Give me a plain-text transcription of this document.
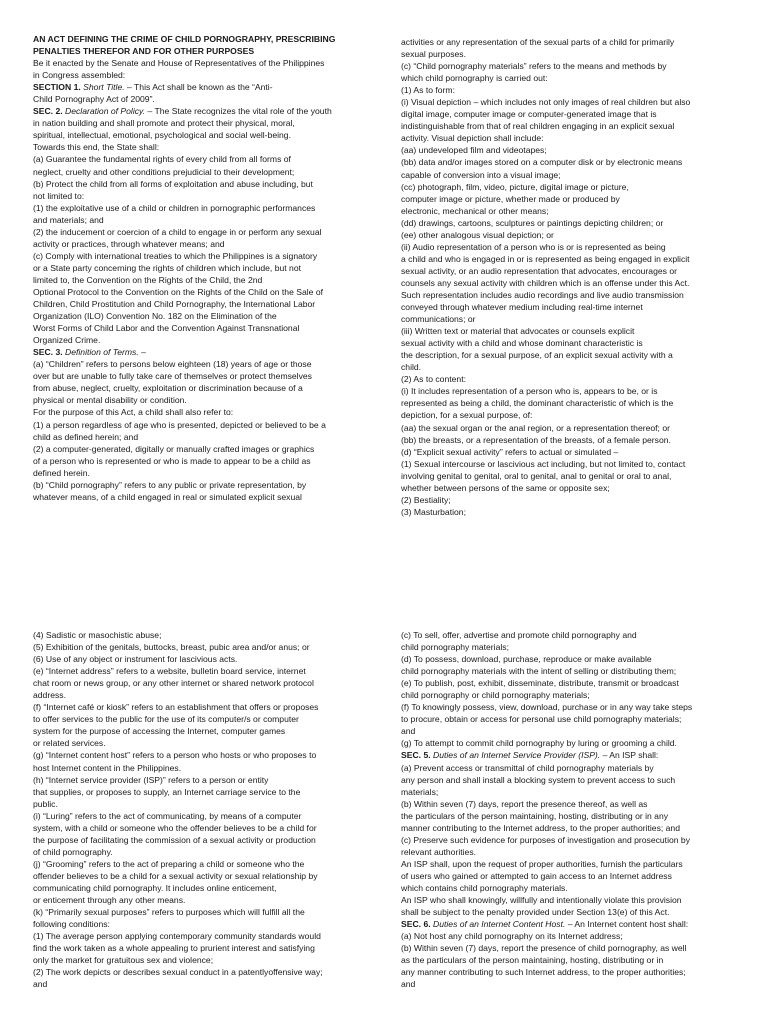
AN ACT DEFINING THE CRIME OF CHILD PORNOGRAPHY, PRESCRIBING
PENALTIES THEREFOR AND FOR OTHER PURPOSES
Be it enacted by the Senate and House of Representatives of the Philippines
in Congress assembled:
SECTION 1. Short Title. – This Act shall be known as the “Anti-
Child Pornography Act of 2009”.
SEC. 2. Declaration of Policy. – The State recognizes the vital role of the youth
in nation building and shall promote and protect their physical, moral,
spiritual, intellectual, emotional, psychological and social well-being.
Towards this end, the State shall:
(a) Guarantee the fundamental rights of every child from all forms of
neglect, cruelty and other conditions prejudicial to their development;
(b) Protect the child from all forms of exploitation and abuse including, but
not limited to:
(1) the exploitative use of a child or children in pornographic performances
and materials; and
(2) the inducement or coercion of a child to engage in or perform any sexual
activity or practices, through whatever means; and
(c) Comply with international treaties to which the Philippines is a signatory
or a State party concerning the rights of children which include, but not
limited to, the Convention on the Rights of the Child, the 2nd
Optional Protocol to the Convention on the Rights of the Child on the Sale of
Children, Child Prostitution and Child Pornography, the International Labor
Organization (ILO) Convention No. 182 on the Elimination of the
Worst Forms of Child Labor and the Convention Against Transnational
Organized Crime.
SEC. 3. Definition of Terms. –
(a) “Children” refers to persons below eighteen (18) years of age or those
over but are unable to fully take care of themselves or protect themselves
from abuse, neglect, cruelty, exploitation or discrimination because of a
physical or mental disability or condition.
For the purpose of this Act, a child shall also refer to:
(1) a person regardless of age who is presented, depicted or believed to be a
child as defined herein; and
(2) a computer-generated, digitally or manually crafted images or graphics
of a person who is represented or who is made to appear to be a child as
defined herein.
(b) “Child pornography” refers to any public or private representation, by
whatever means, of a child engaged in real or simulated explicit sexual
activities or any representation of the sexual parts of a child for primarily
sexual purposes.
(c) “Child pornography materials” refers to the means and methods by
which child pornography is carried out:
(1) As to form:
(i) Visual depiction – which includes not only images of real children but also
digital image, computer image or computer-generated image that is
indistinguishable from that of real children engaging in an explicit sexual
activity. Visual depiction shall include:
(aa) undeveloped film and videotapes;
(bb) data and/or images stored on a computer disk or by electronic means
capable of conversion into a visual image;
(cc) photograph, film, video, picture, digital image or picture,
computer image or picture, whether made or produced by
electronic, mechanical or other means;
(dd) drawings, cartoons, sculptures or paintings depicting children; or
(ee) other analogous visual depiction; or
(ii) Audio representation of a person who is or is represented as being
a child and who is engaged in or is represented as being engaged in explicit
sexual activity, or an audio representation that advocates, encourages or
counsels any sexual activity with children which is an offense under this Act.
Such representation includes audio recordings and live audio transmission
conveyed through whatever medium including real-time internet
communications; or
(iii) Written text or material that advocates or counsels explicit
sexual activity with a child and whose dominant characteristic is
the description, for a sexual purpose, of an explicit sexual activity with a
child.
(2) As to content:
(i) It includes representation of a person who is, appears to be, or is
represented as being a child, the dominant characteristic of which is the
depiction, for a sexual purpose, of:
(aa) the sexual organ or the anal region, or a representation thereof; or
(bb) the breasts, or a representation of the breasts, of a female person.
(d) “Explicit sexual activity” refers to actual or simulated –
(1) Sexual intercourse or lascivious act including, but not limited to, contact
involving genital to genital, oral to genital, anal to genital or oral to anal,
whether between persons of the same or opposite sex;
(2) Bestiality;
(3) Masturbation;
(4) Sadistic or masochistic abuse;
(5) Exhibition of the genitals, buttocks, breast, pubic area and/or anus; or
(6) Use of any object or instrument for lascivious acts.
(e) “Internet address” refers to a website, bulletin board service, internet
chat room or news group, or any other internet or shared network protocol
address.
(f) “Internet café or kiosk” refers to an establishment that offers or proposes
to offer services to the public for the use of its computer/s or computer
system for the purpose of accessing the Internet, computer games
or related services.
(g) “Internet content host” refers to a person who hosts or who proposes to
host Internet content in the Philippines.
(h) “Internet service provider (ISP)” refers to a person or entity
that supplies, or proposes to supply, an Internet carriage service to the
public.
(i) “Luring” refers to the act of communicating, by means of a computer
system, with a child or someone who the offender believes to be a child for
the purpose of facilitating the commission of a sexual activity or production
of child pornography.
(j) “Grooming” refers to the act of preparing a child or someone who the
offender believes to be a child for a sexual activity or sexual relationship by
communicating child pornography. It includes online enticement,
or enticement through any other means.
(k) “Primarily sexual purposes” refers to purposes which will fulfill all the
following conditions:
(1) The average person applying contemporary community standards would
find the work taken as a whole appealing to prurient interest and satisfying
only the market for gratuitous sex and violence;
(2) The work depicts or describes sexual conduct in a patentlyoffensive way;
and
(c) To sell, offer, advertise and promote child pornography and
child pornography materials;
(d) To possess, download, purchase, reproduce or make available
child pornography materials with the intent of selling or distributing them;
(e) To publish, post, exhibit, disseminate, distribute, transmit or broadcast
child pornography or child pornography materials;
(f) To knowingly possess, view, download, purchase or in any way take steps
to procure, obtain or access for personal use child pornography materials;
and
(g) To attempt to commit child pornography by luring or grooming a child.
SEC. 5. Duties of an Internet Service Provider (ISP). – An ISP shall:
(a) Prevent access or transmittal of child pornography materials by
any person and shall install a blocking system to prevent access to such
materials;
(b) Within seven (7) days, report the presence thereof, as well as
the particulars of the person maintaining, hosting, distributing or in any
manner contributing to the Internet address, to the proper authorities; and
(c) Preserve such evidence for purposes of investigation and prosecution by
relevant authorities.
An ISP shall, upon the request of proper authorities, furnish the particulars
of users who gained or attempted to gain access to an Internet address
which contains child pornography materials.
An ISP who shall knowingly, willfully and intentionally violate this provision
shall be subject to the penalty provided under Section 13(e) of this Act.
SEC. 6. Duties of an Internet Content Host. – An Internet content host shall:
(a) Not host any child pornography on its Internet address;
(b) Within seven (7) days, report the presence of child pornography, as well
as the particulars of the person maintaining, hosting, distributing or in
any manner contributing to such Internet address, to the proper authorities;
and
